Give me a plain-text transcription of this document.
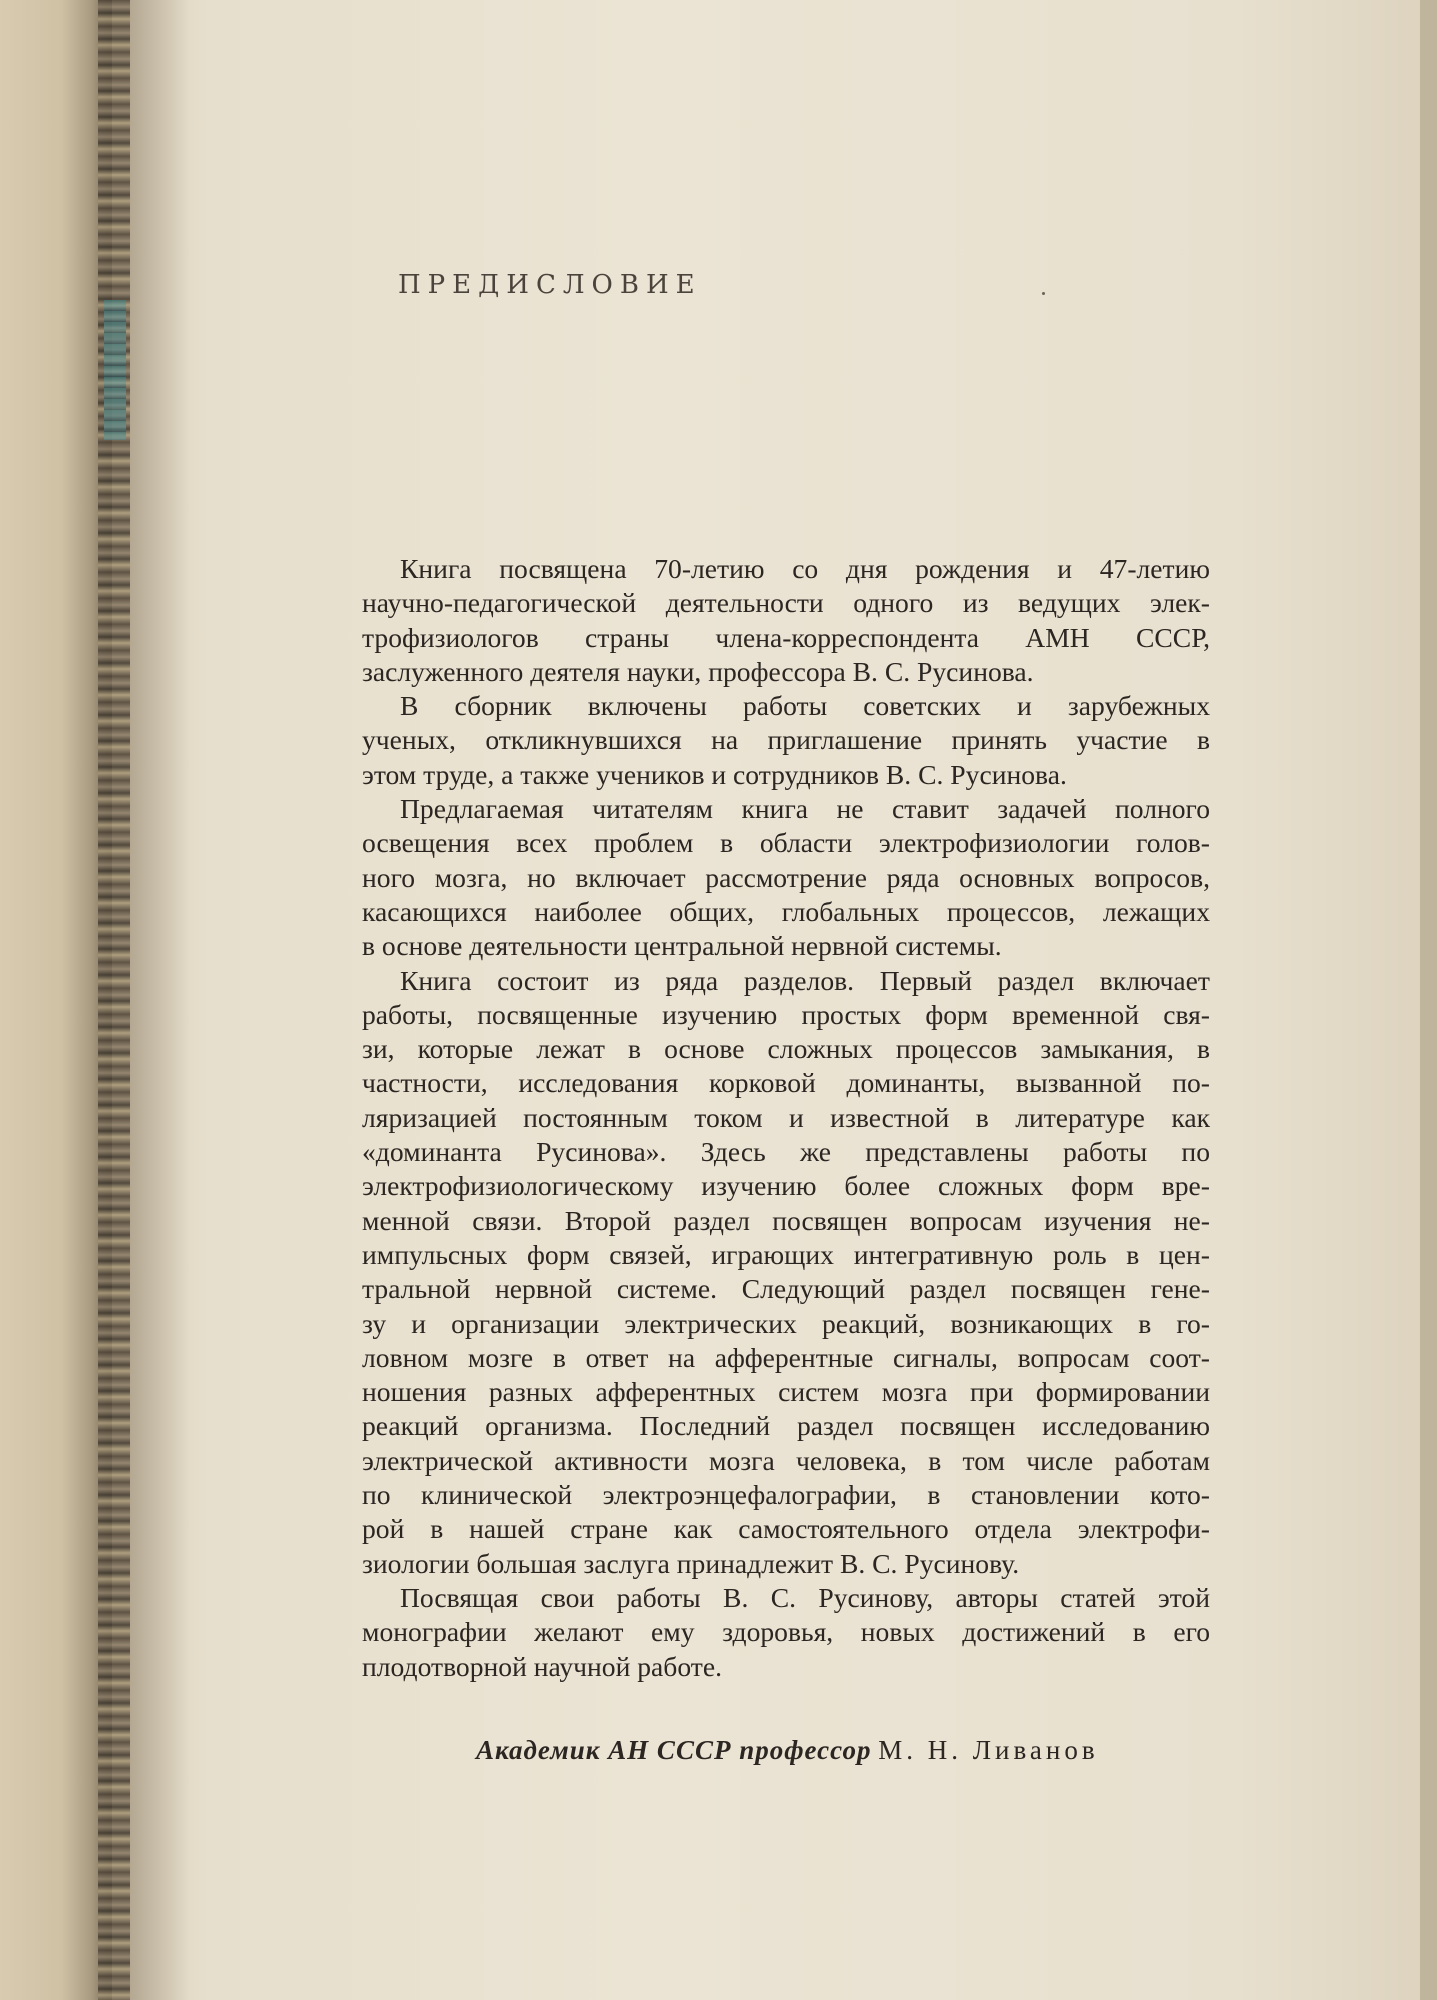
ПРЕДИСЛОВИЕ

Книга посвящена 70-летию со дня рождения и 47-летию
научно-педагогической деятельности одного из ведущих элек-
трофизиологов страны члена-корреспондента АМН СССР,
заслуженного деятеля науки, профессора В. С. Русинова.

В сборник включены работы советских и зарубежных
ученых, откликнувшихся на приглашение принять участие в
этом труде, а также учеников и сотрудников В. С. Русинова.

Предлагаемая читателям книга не ставит задачей полного
освещения всех проблем в области электрофизиологии голов-
ного мозга, но включает рассмотрение ряда основных вопросов,
касающихся наиболее общих, глобальных процессов, лежащих
в основе деятельности центральной нервной системы.

Книга состоит из ряда разделов. Первый раздел включает
работы, посвященные изучению простых форм временной свя-
зи, которые лежат в основе сложных процессов замыкания, в
частности, исследования корковой доминанты, вызванной по-
ляризацией постоянным током и известной в литературе как
«доминанта Русинова». Здесь же представлены работы по
электрофизиологическому изучению более сложных форм вре-
менной связи. Второй раздел посвящен вопросам изучения не-
импульсных форм связей, играющих интегративную роль в цен-
тральной нервной системе. Следующий раздел посвящен гене-
зу и организации электрических реакций, возникающих в го-
ловном мозге в ответ на афферентные сигналы, вопросам соот-
ношения разных афферентных систем мозга при формировании
реакций организма. Последний раздел посвящен исследованию
электрической активности мозга человека, в том числе работам
по клинической электроэнцефалографии, в становлении кото-
рой в нашей стране как самостоятельного отдела электрофи-
зиологии большая заслуга принадлежит В. С. Русинову.

Посвящая свои работы В. С. Русинову, авторы статей этой
монографии желают ему здоровья, новых достижений в его
плодотворной научной работе.

Академик АН СССР профессор М. Н. Ливанов
